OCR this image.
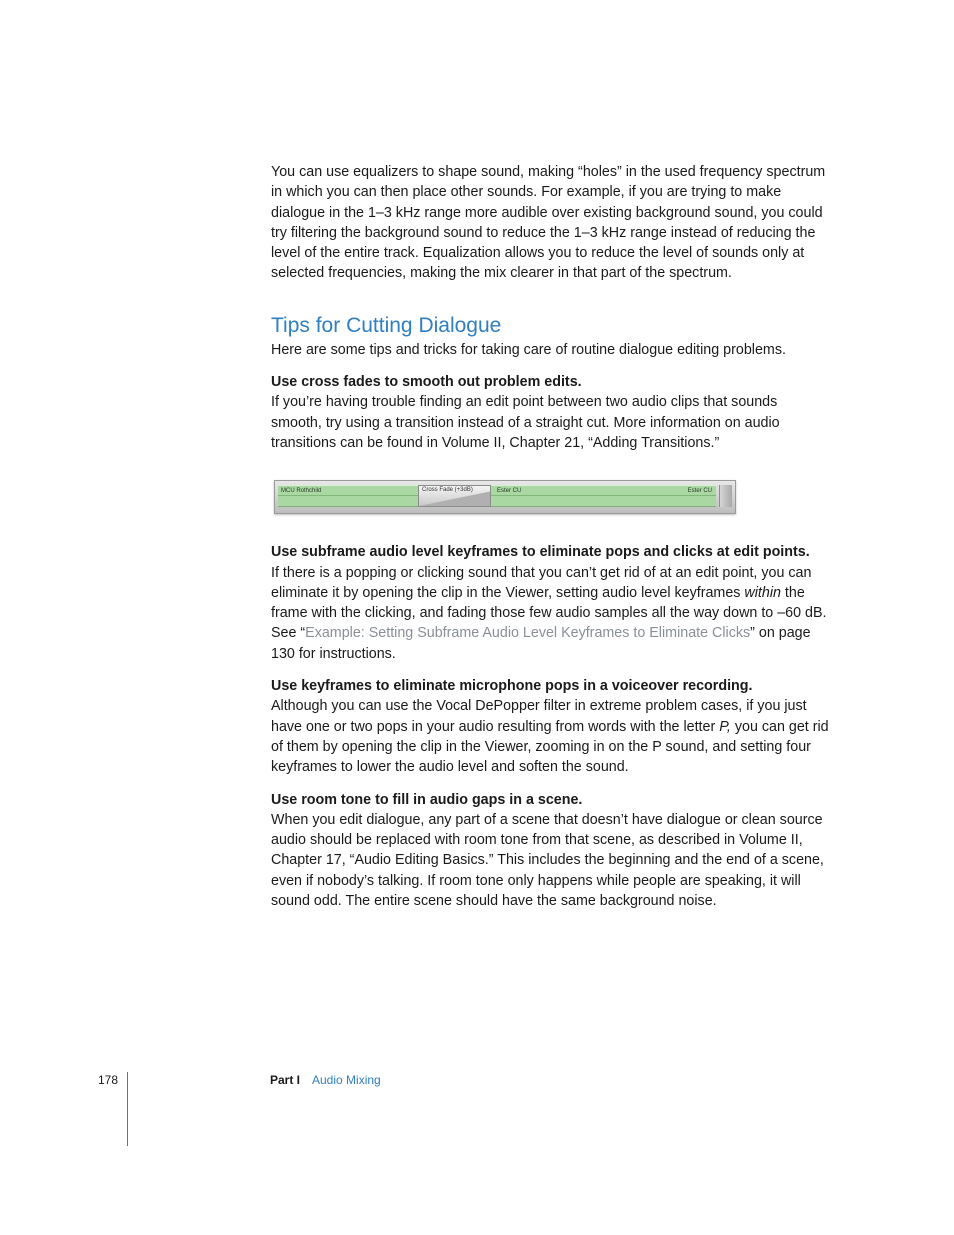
You can use equalizers to shape sound, making “holes” in the used frequency spectrum in which you can then place other sounds. For example, if you are trying to make dialogue in the 1–3 kHz range more audible over existing background sound, you could try filtering the background sound to reduce the 1–3 kHz range instead of reducing the level of the entire track. Equalization allows you to reduce the level of sounds only at selected frequencies, making the mix clearer in that part of the spectrum.

Tips for Cutting Dialogue

Here are some tips and tricks for taking care of routine dialogue editing problems.

Use cross fades to smooth out problem edits.

If you’re having trouble finding an edit point between two audio clips that sounds smooth, try using a transition instead of a straight cut. More information on audio transitions can be found in Volume II, Chapter 21, “Adding Transitions.”

MCU Rothchild	Ester CU	Ester CU
Cross Fade (+3dB)

Use subframe audio level keyframes to eliminate pops and clicks at edit points.

If there is a popping or clicking sound that you can’t get rid of at an edit point, you can eliminate it by opening the clip in the Viewer, setting audio level keyframes within the frame with the clicking, and fading those few audio samples all the way down to –60 dB. See “Example: Setting Subframe Audio Level Keyframes to Eliminate Clicks” on page 130 for instructions.

Use keyframes to eliminate microphone pops in a voiceover recording.

Although you can use the Vocal DePopper filter in extreme problem cases, if you just have one or two pops in your audio resulting from words with the letter P, you can get rid of them by opening the clip in the Viewer, zooming in on the P sound, and setting four keyframes to lower the audio level and soften the sound.

Use room tone to fill in audio gaps in a scene.

When you edit dialogue, any part of a scene that doesn’t have dialogue or clean source audio should be replaced with room tone from that scene, as described in Volume II, Chapter 17, “Audio Editing Basics.” This includes the beginning and the end of a scene, even if nobody’s talking. If room tone only happens while people are speaking, it will sound odd. The entire scene should have the same background noise.

178	Part I Audio Mixing
